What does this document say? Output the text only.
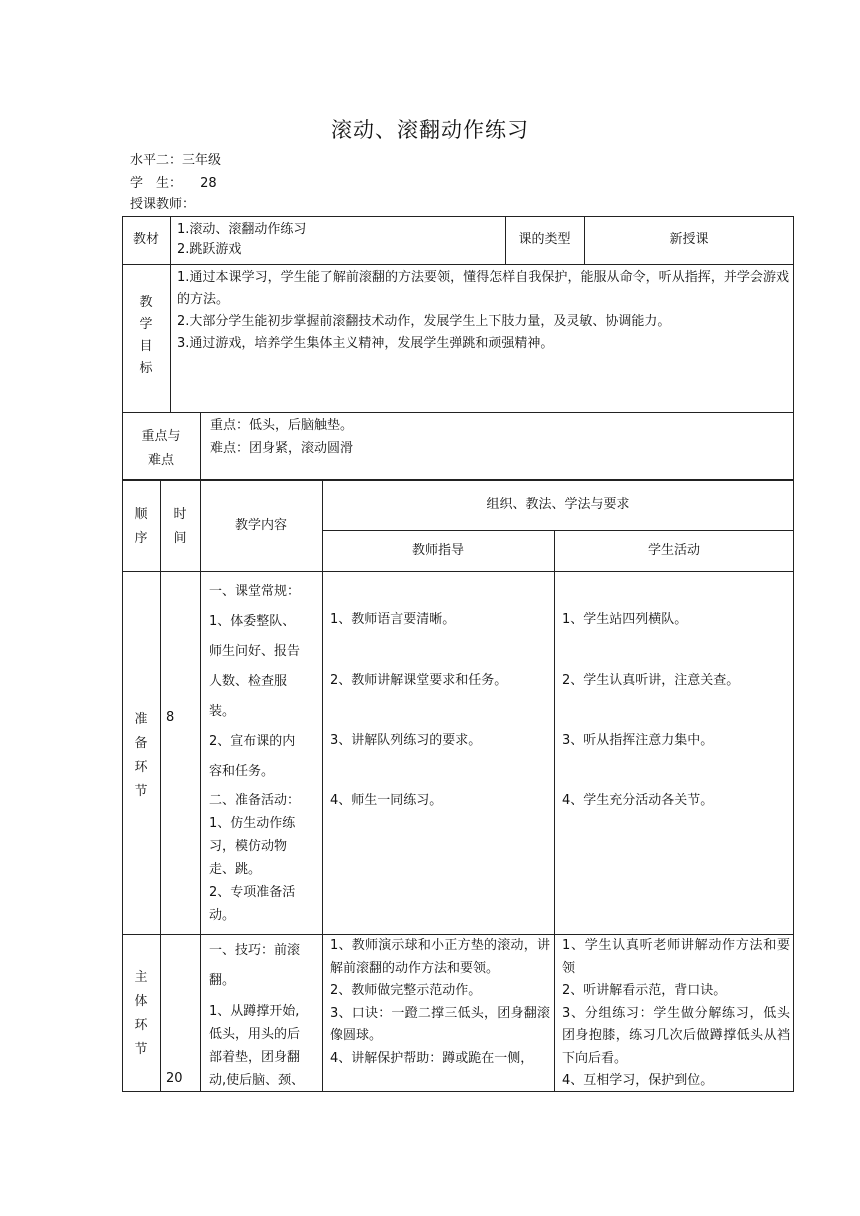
滚动、滚翻动作练习
水平二：三年级
学　生： 28
授课教师：
教材

1.滚动、滚翻动作练习

2.跳跃游戏

课的类型	新授课

教

学

目

标

1.通过本课学习，学生能了解前滚翻的方法要领，懂得怎样自我保护，能服从命令，听从指挥，并学会游戏的方法。

2.大部分学生能初步掌握前滚翻技术动作，发展学生上下肢力量，及灵敏、协调能力。

3.通过游戏，培养学生集体主义精神，发展学生弹跳和顽强精神。

重点与

难点

重点：低头，后脑触垫。

难点：团身紧，滚动圆滑

顺

序

时

间

教学内容
组织、教法、学法与要求
教师指导	学生活动

准

备

环

节

8

一、课堂常规：

1、体委整队、

师生问好、报告

人数、检查服

装。

2、宣布课的内

容和任务。

二、准备活动：

1、仿生动作练

习，模仿动物

走、跳。

2、专项准备活

动。

1、教师语言要清晰。

2、教师讲解课堂要求和任务。

3、讲解队列练习的要求。

4、师生一同练习。

1、学生站四列横队。

2、学生认真听讲，注意关查。

3、听从指挥注意力集中。

4、学生充分活动各关节。

主

体

环

节

20

一、技巧：前滚

翻。

1、从蹲撑开始,

低头，用头的后

部着垫，团身翻

动,使后脑、颈、

1、教师演示球和小正方垫的滚动，讲解前滚翻的动作方法和要领。

2、教师做完整示范动作。

3、口诀：一蹬二撑三低头，团身翻滚像圆球。

4、讲解保护帮助：蹲或跪在一侧，

1、学生认真听老师讲解动作方法和要领

2、听讲解看示范，背口诀。

3、分组练习：学生做分解练习，低头团身抱膝，练习几次后做蹲撑低头从裆下向后看。

4、互相学习，保护到位。
